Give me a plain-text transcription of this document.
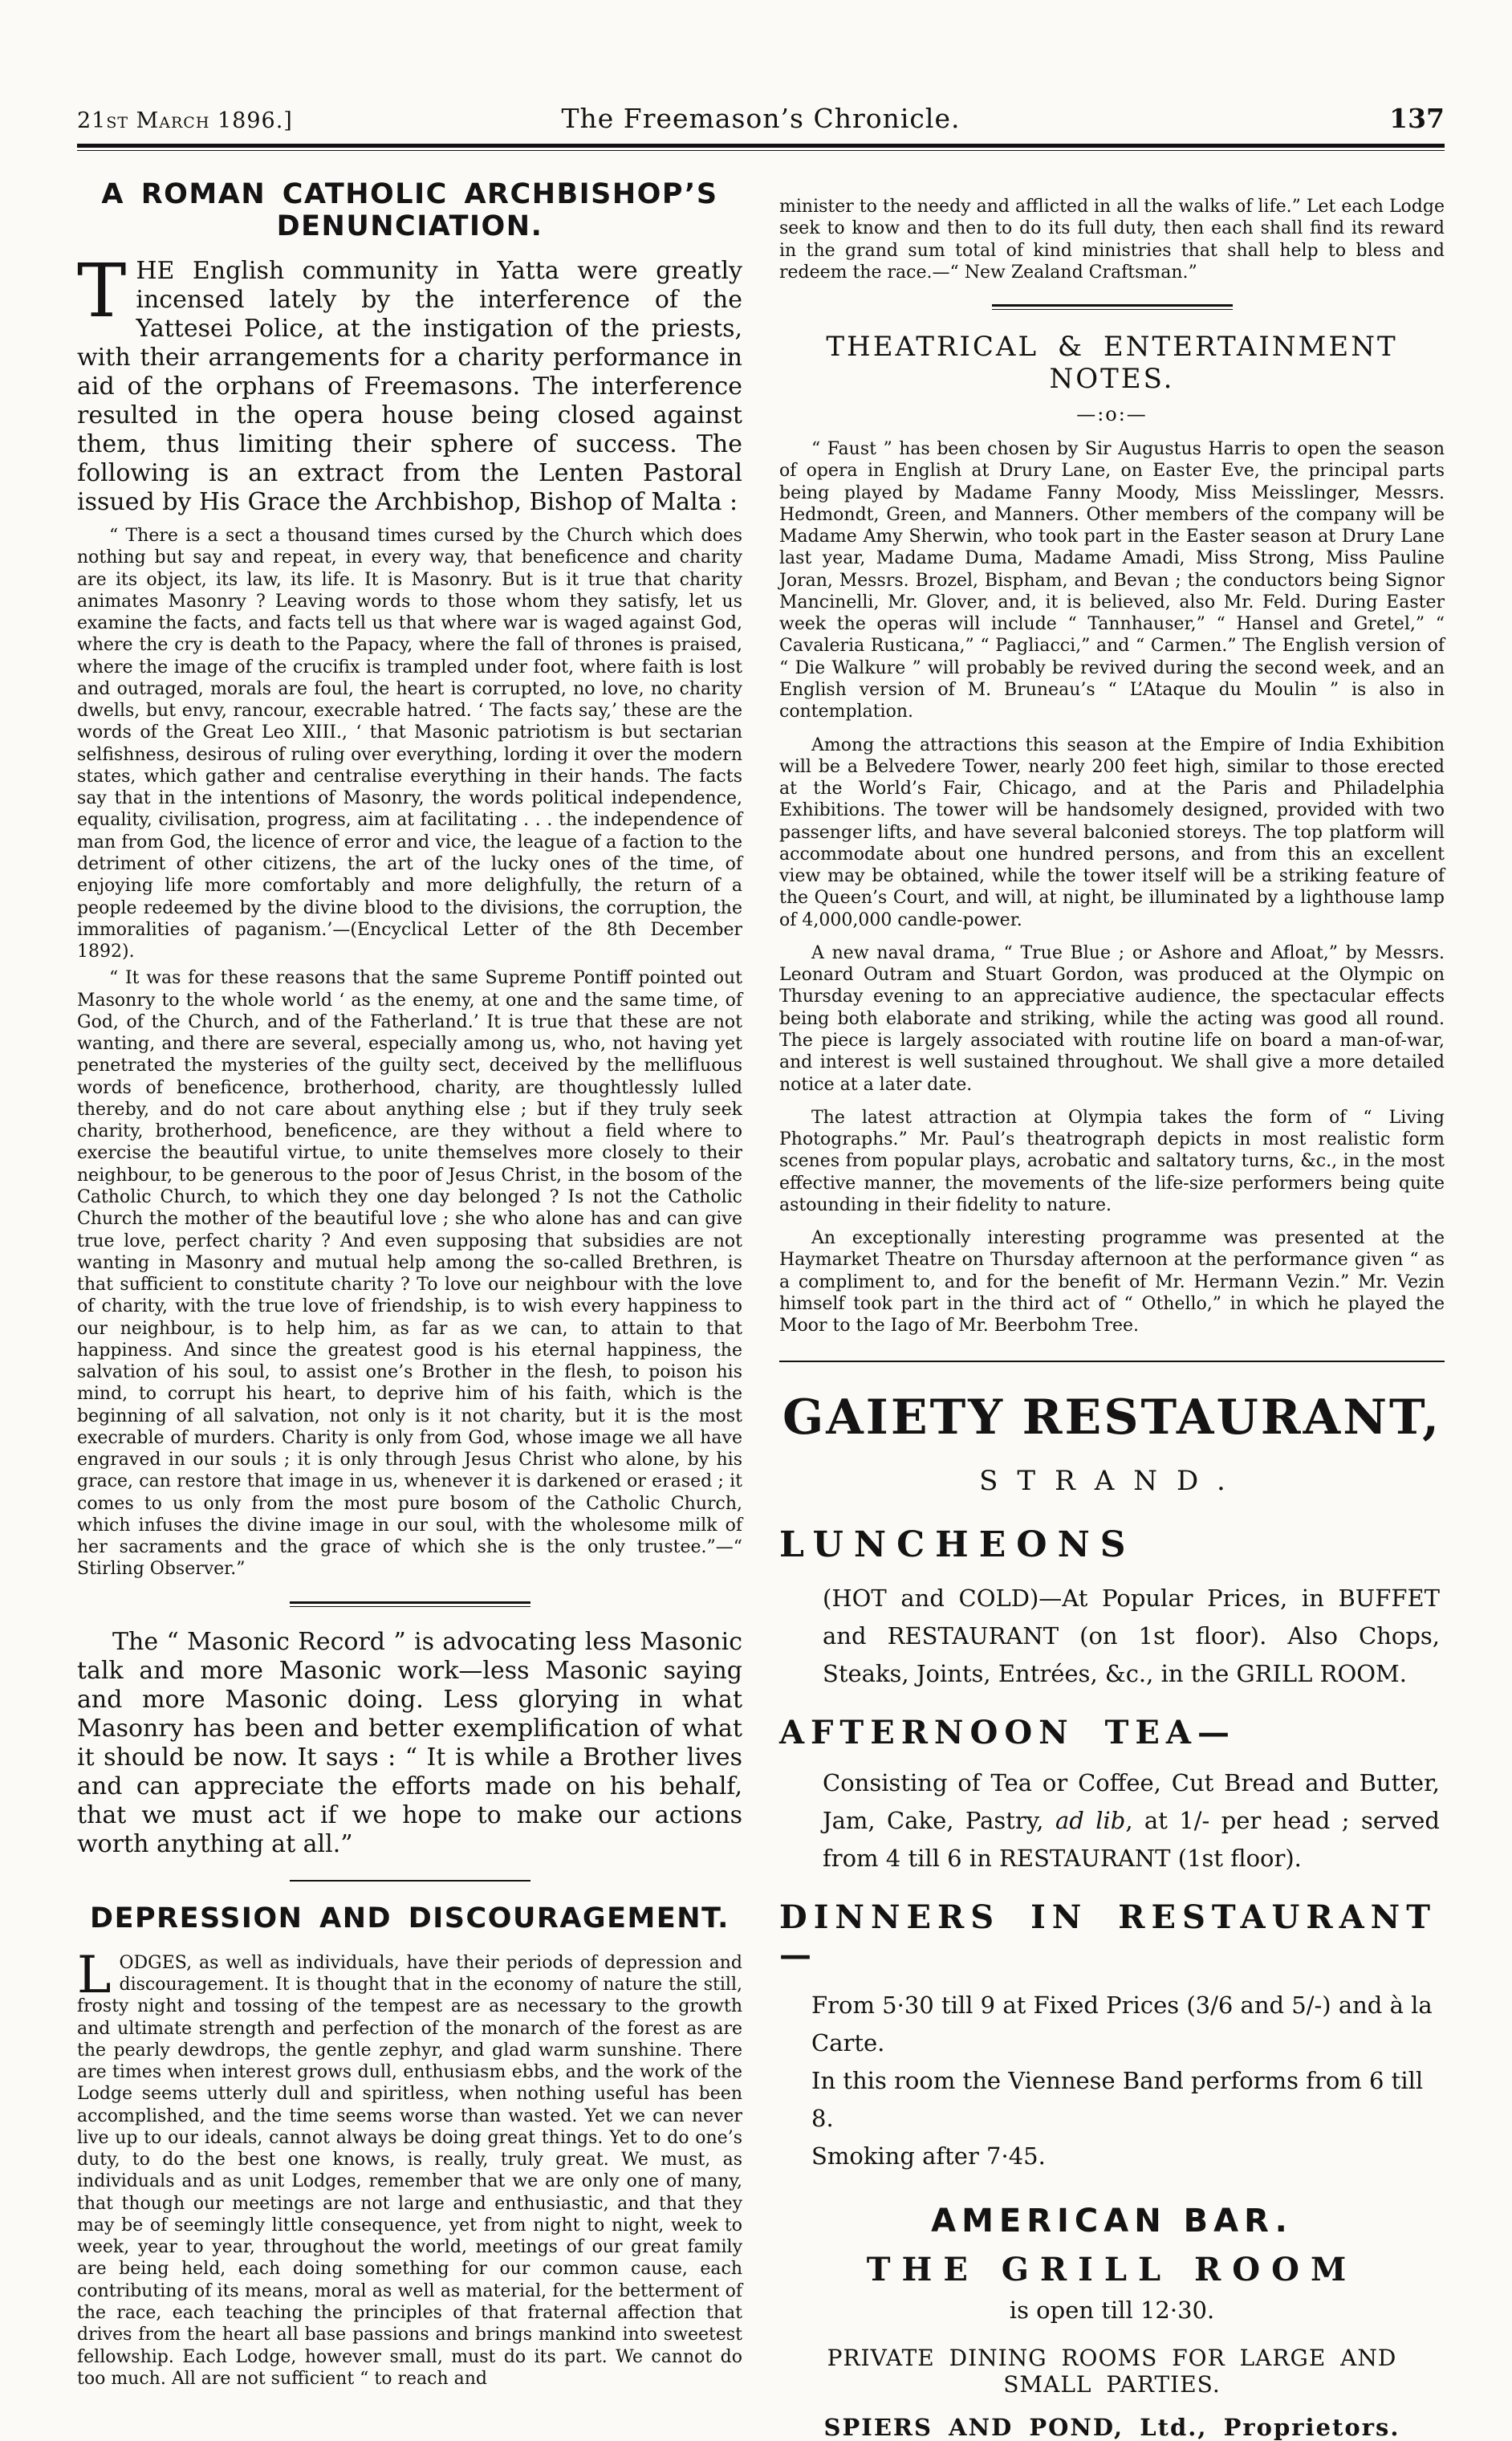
21st March 1896.]	The Freemason’s Chronicle.	137
A ROMAN CATHOLIC ARCHBISHOP’S DENUNCIATION.

THE English community in Yatta were greatly incensed lately by the interference of the Yattesei Police, at the instigation of the priests, with their arrangements for a charity performance in aid of the orphans of Freemasons. The interference resulted in the opera house being closed against them, thus limiting their sphere of success. The following is an extract from the Lenten Pastoral issued by His Grace the Archbishop, Bishop of Malta :

“ There is a sect a thousand times cursed by the Church which does nothing but say and repeat, in every way, that beneficence and charity are its object, its law, its life. It is Masonry. But is it true that charity animates Masonry ? Leaving words to those whom they satisfy, let us examine the facts, and facts tell us that where war is waged against God, where the cry is death to the Papacy, where the fall of thrones is praised, where the image of the crucifix is trampled under foot, where faith is lost and outraged, morals are foul, the heart is corrupted, no love, no charity dwells, but envy, rancour, execrable hatred. ‘ The facts say,’ these are the words of the Great Leo XIII., ‘ that Masonic patriotism is but sectarian selfishness, desirous of ruling over everything, lording it over the modern states, which gather and centralise everything in their hands. The facts say that in the intentions of Masonry, the words political independence, equality, civilisation, progress, aim at facilitating . . . the independence of man from God, the licence of error and vice, the league of a faction to the detriment of other citizens, the art of the lucky ones of the time, of enjoying life more comfortably and more delighfully, the return of a people redeemed by the divine blood to the divisions, the corruption, the immoralities of paganism.’—(Encyclical Letter of the 8th December 1892).

“ It was for these reasons that the same Supreme Pontiff pointed out Masonry to the whole world ‘ as the enemy, at one and the same time, of God, of the Church, and of the Fatherland.’ It is true that these are not wanting, and there are several, especially among us, who, not having yet penetrated the mysteries of the guilty sect, deceived by the mellifluous words of beneficence, brotherhood, charity, are thoughtlessly lulled thereby, and do not care about anything else ; but if they truly seek charity, brotherhood, beneficence, are they without a field where to exercise the beautiful virtue, to unite themselves more closely to their neighbour, to be generous to the poor of Jesus Christ, in the bosom of the Catholic Church, to which they one day belonged ? Is not the Catholic Church the mother of the beautiful love ; she who alone has and can give true love, perfect charity ? And even supposing that subsidies are not wanting in Masonry and mutual help among the so-called Brethren, is that sufficient to constitute charity ? To love our neighbour with the love of charity, with the true love of friendship, is to wish every happiness to our neighbour, is to help him, as far as we can, to attain to that happiness. And since the greatest good is his eternal happiness, the salvation of his soul, to assist one’s Brother in the flesh, to poison his mind, to corrupt his heart, to deprive him of his faith, which is the beginning of all salvation, not only is it not charity, but it is the most execrable of murders. Charity is only from God, whose image we all have engraved in our souls ; it is only through Jesus Christ who alone, by his grace, can restore that image in us, whenever it is darkened or erased ; it comes to us only from the most pure bosom of the Catholic Church, which infuses the divine image in our soul, with the wholesome milk of her sacraments and the grace of which she is the only trustee.”—“ Stirling Observer.”

The “ Masonic Record ” is advocating less Masonic talk and more Masonic work—less Masonic saying and more Masonic doing. Less glorying in what Masonry has been and better exemplification of what it should be now. It says : “ It is while a Brother lives and can appreciate the efforts made on his behalf, that we must act if we hope to make our actions worth anything at all.”

DEPRESSION AND DISCOURAGEMENT.

LODGES, as well as individuals, have their periods of depression and discouragement. It is thought that in the economy of nature the still, frosty night and tossing of the tempest are as necessary to the growth and ultimate strength and perfection of the monarch of the forest as are the pearly dewdrops, the gentle zephyr, and glad warm sunshine. There are times when interest grows dull, enthusiasm ebbs, and the work of the Lodge seems utterly dull and spiritless, when nothing useful has been accomplished, and the time seems worse than wasted. Yet we can never live up to our ideals, cannot always be doing great things. Yet to do one’s duty, to do the best one knows, is really, truly great. We must, as individuals and as unit Lodges, remember that we are only one of many, that though our meetings are not large and enthusiastic, and that they may be of seemingly little consequence, yet from night to night, week to week, year to year, throughout the world, meetings of our great family are being held, each doing something for our common cause, each contributing of its means, moral as well as material, for the betterment of the race, each teaching the principles of that fraternal affection that drives from the heart all base passions and brings mankind into sweetest fellowship. Each Lodge, however small, must do its part. We cannot do too much. All are not sufficient “ to reach and

minister to the needy and afflicted in all the walks of life.” Let each Lodge seek to know and then to do its full duty, then each shall find its reward in the grand sum total of kind ministries that shall help to bless and redeem the race.—“ New Zealand Craftsman.”

THEATRICAL & ENTERTAINMENT NOTES.
—:o:—

“ Faust ” has been chosen by Sir Augustus Harris to open the season of opera in English at Drury Lane, on Easter Eve, the principal parts being played by Madame Fanny Moody, Miss Meisslinger, Messrs. Hedmondt, Green, and Manners. Other members of the company will be Madame Amy Sherwin, who took part in the Easter season at Drury Lane last year, Madame Duma, Madame Amadi, Miss Strong, Miss Pauline Joran, Messrs. Brozel, Bispham, and Bevan ; the conductors being Signor Mancinelli, Mr. Glover, and, it is believed, also Mr. Feld. During Easter week the operas will include “ Tannhauser,” “ Hansel and Gretel,” “ Cavaleria Rusticana,” “ Pagliacci,” and “ Carmen.” The English version of “ Die Walkure ” will probably be revived during the second week, and an English version of M. Bruneau’s “ L’Ataque du Moulin ” is also in contemplation.

Among the attractions this season at the Empire of India Exhibition will be a Belvedere Tower, nearly 200 feet high, similar to those erected at the World’s Fair, Chicago, and at the Paris and Philadelphia Exhibitions. The tower will be handsomely designed, provided with two passenger lifts, and have several balconied storeys. The top platform will accommodate about one hundred persons, and from this an excellent view may be obtained, while the tower itself will be a striking feature of the Queen’s Court, and will, at night, be illuminated by a lighthouse lamp of 4,000,000 candle-power.

A new naval drama, “ True Blue ; or Ashore and Afloat,” by Messrs. Leonard Outram and Stuart Gordon, was produced at the Olympic on Thursday evening to an appreciative audience, the spectacular effects being both elaborate and striking, while the acting was good all round. The piece is largely associated with routine life on board a man-of-war, and interest is well sustained throughout. We shall give a more detailed notice at a later date.

The latest attraction at Olympia takes the form of “ Living Photographs.” Mr. Paul’s theatrograph depicts in most realistic form scenes from popular plays, acrobatic and saltatory turns, &c., in the most effective manner, the movements of the life-size performers being quite astounding in their fidelity to nature.

An exceptionally interesting programme was presented at the Haymarket Theatre on Thursday afternoon at the performance given “ as a compliment to, and for the benefit of Mr. Hermann Vezin.” Mr. Vezin himself took part in the third act of “ Othello,” in which he played the Moor to the Iago of Mr. Beerbohm Tree.

GAIETY RESTAURANT,
STRAND.
LUNCHEONS

(HOT and COLD)—At Popular Prices, in BUFFET and RESTAURANT (on 1st floor). Also Chops, Steaks, Joints, Entrées, &c., in the GRILL ROOM.

AFTERNOON TEA—

Consisting of Tea or Coffee, Cut Bread and Butter, Jam, Cake, Pastry, ad lib, at 1/- per head ; served from 4 till 6 in RESTAURANT (1st floor).

DINNERS IN RESTAURANT—
From 5·30 till 9 at Fixed Prices (3/6 and 5/-) and à la Carte.
In this room the Viennese Band performs from 6 till 8.
Smoking after 7·45.
AMERICAN BAR.
THE GRILL ROOM
is open till 12·30.
PRIVATE DINING ROOMS FOR LARGE AND SMALL PARTIES.
SPIERS AND POND, Ltd., Proprietors.
